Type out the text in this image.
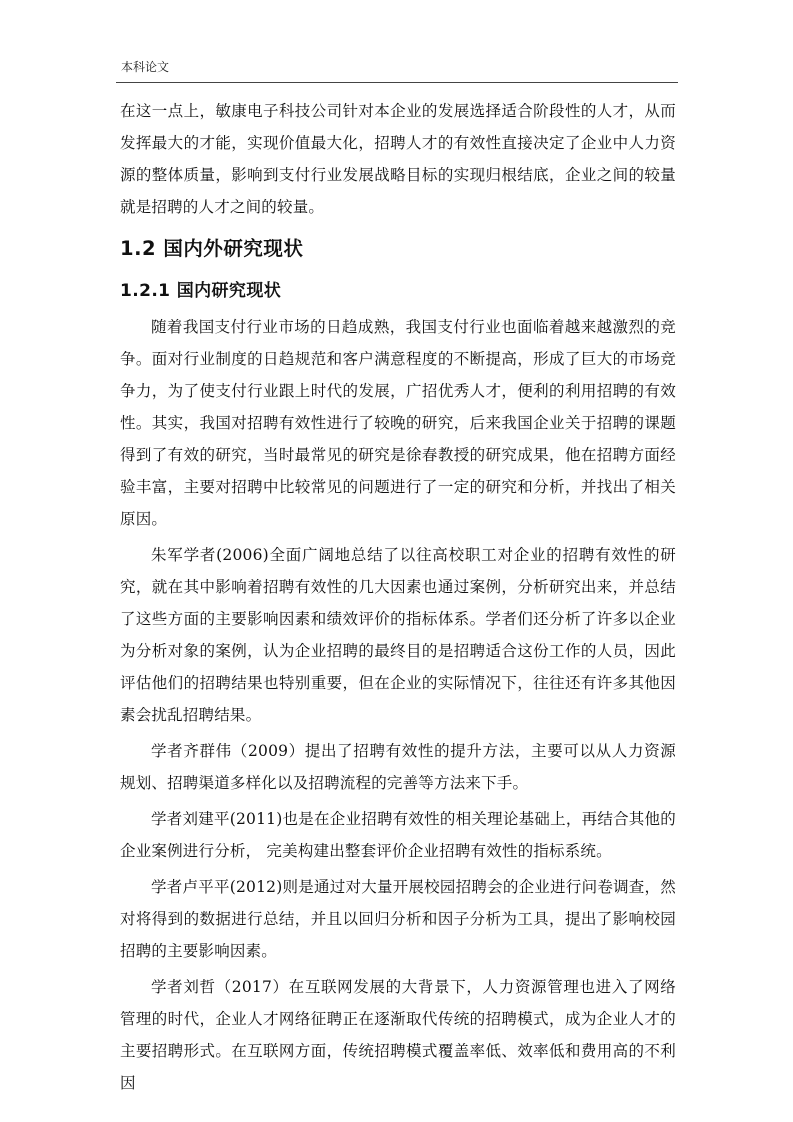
本科论文

在这一点上，敏康电子科技公司针对本企业的发展选择适合阶段性的人才，从而发挥最大的才能，实现价值最大化，招聘人才的有效性直接决定了企业中人力资源的整体质量，影响到支付行业发展战略目标的实现归根结底，企业之间的较量就是招聘的人才之间的较量。

1.2 国内外研究现状
1.2.1 国内研究现状

随着我国支付行业市场的日趋成熟，我国支付行业也面临着越来越激烈的竞争。面对行业制度的日趋规范和客户满意程度的不断提高，形成了巨大的市场竞争力，为了使支付行业跟上时代的发展，广招优秀人才，便利的利用招聘的有效性。其实，我国对招聘有效性进行了较晚的研究，后来我国企业关于招聘的课题得到了有效的研究，当时最常见的研究是徐春教授的研究成果，他在招聘方面经验丰富，主要对招聘中比较常见的问题进行了一定的研究和分析，并找出了相关原因。

朱军学者(2006)全面广阔地总结了以往高校职工对企业的招聘有效性的研究，就在其中影响着招聘有效性的几大因素也通过案例，分析研究出来，并总结了这些方面的主要影响因素和绩效评价的指标体系。学者们还分析了许多以企业为分析对象的案例，认为企业招聘的最终目的是招聘适合这份工作的人员，因此评估他们的招聘结果也特别重要，但在企业的实际情况下，往往还有许多其他因素会扰乱招聘结果。

学者齐群伟（2009）提出了招聘有效性的提升方法，主要可以从人力资源规划、招聘渠道多样化以及招聘流程的完善等方法来下手。

学者刘建平(2011)也是在企业招聘有效性的相关理论基础上，再结合其他的企业案例进行分析， 完美构建出整套评价企业招聘有效性的指标系统。

学者卢平平(2012)则是通过对大量开展校园招聘会的企业进行问卷调查，然对将得到的数据进行总结，并且以回归分析和因子分析为工具，提出了影响校园招聘的主要影响因素。

学者刘哲（2017）在互联网发展的大背景下，人力资源管理也进入了网络管理的时代，企业人才网络征聘正在逐渐取代传统的招聘模式，成为企业人才的主要招聘形式。在互联网方面，传统招聘模式覆盖率低、效率低和费用高的不利因
